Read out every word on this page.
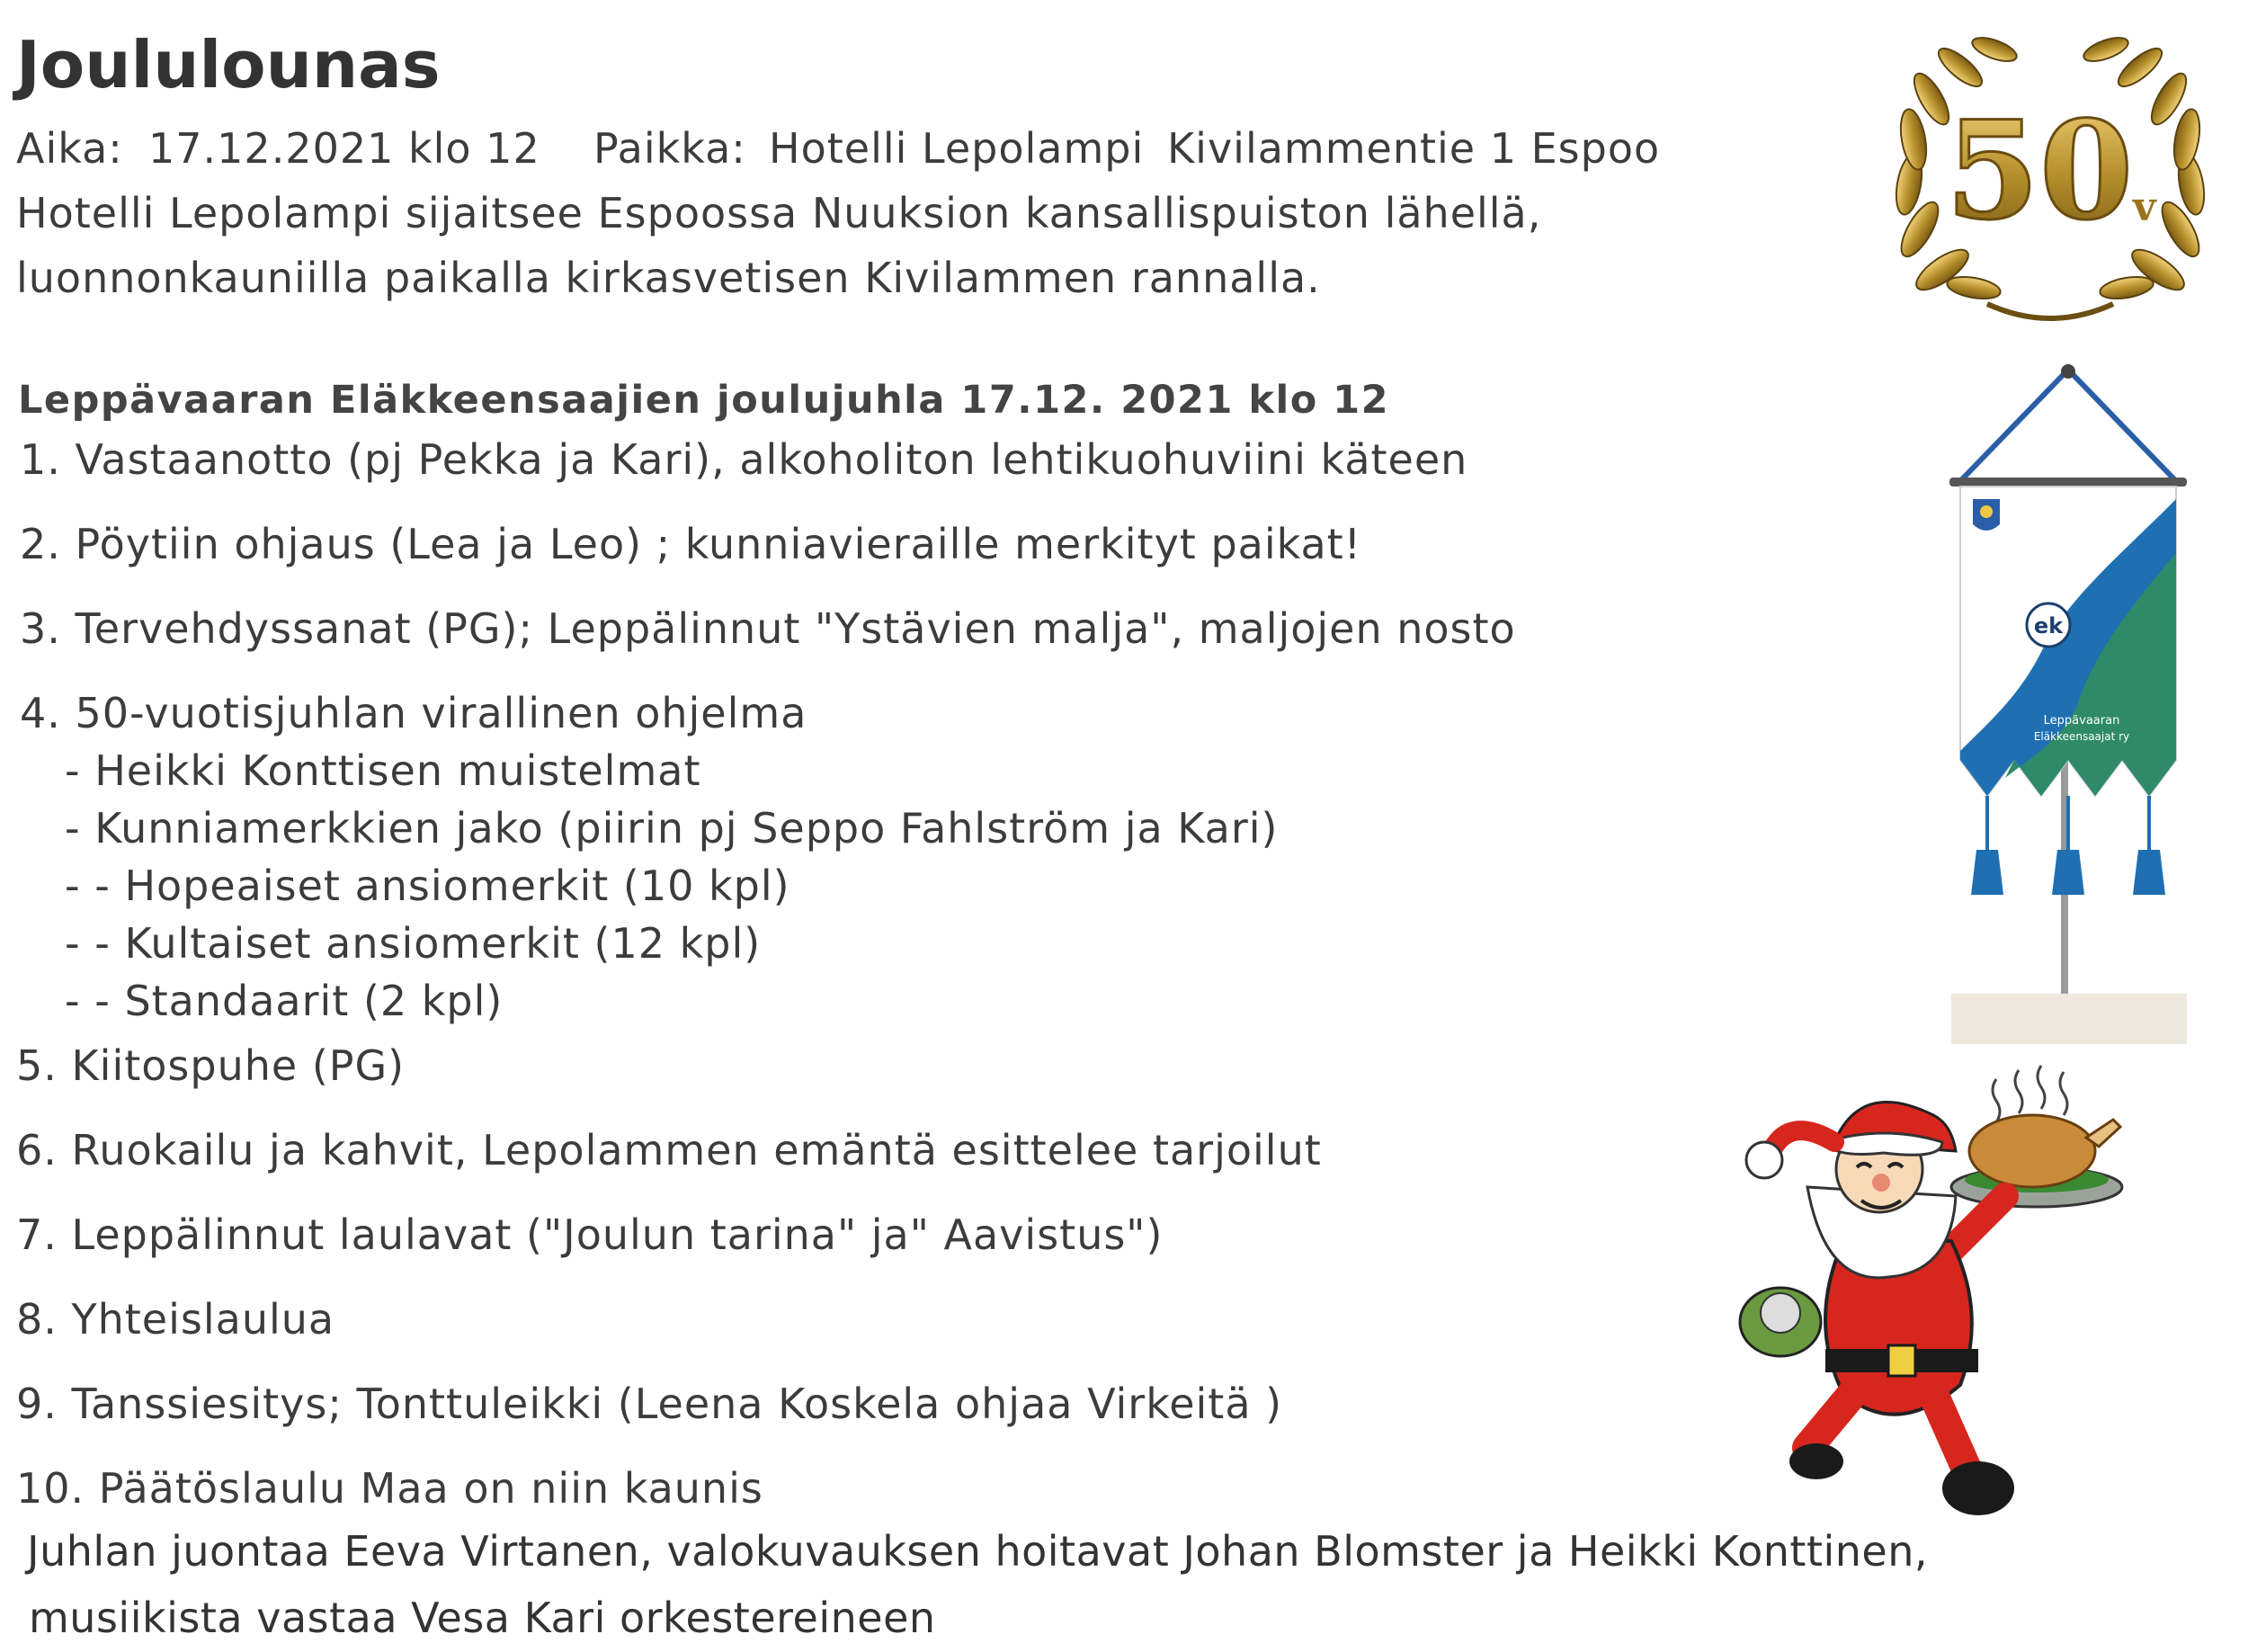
Joululounas
Aika: 17.12.2021 klo 12 Paikka: Hotelli Lepolampi Kivilammentie 1 Espoo
Hotelli Lepolampi sijaitsee Espoossa Nuuksion kansallispuiston lähellä,
luonnonkauniilla paikalla kirkasvetisen Kivilammen rannalla.
Leppävaaran Eläkkeensaajien joulujuhla 17.12. 2021 klo 12
1. Vastaanotto (pj Pekka ja Kari), alkoholiton lehtikuohuviini käteen
2. Pöytiin ohjaus (Lea ja Leo) ; kunniavieraille merkityt paikat!
3. Tervehdyssanat (PG); Leppälinnut "Ystävien malja", maljojen nosto
4. 50-vuotisjuhlan virallinen ohjelma
- Heikki Konttisen muistelmat
- Kunniamerkkien jako (piirin pj Seppo Fahlström ja Kari)
- - Hopeaiset ansiomerkit (10 kpl)
- - Kultaiset ansiomerkit (12 kpl)
- - Standaarit (2 kpl)
5. Kiitospuhe (PG)
6. Ruokailu ja kahvit, Lepolammen emäntä esittelee tarjoilut
7. Leppälinnut laulavat ("Joulun tarina" ja" Aavistus")
8. Yhteislaulua
9. Tanssiesitys; Tonttuleikki (Leena Koskela ohjaa Virkeitä )
10. Päätöslaulu Maa on niin kaunis
Juhlan juontaa Eeva Virtanen, valokuvauksen hoitavat Johan Blomster ja Heikki Konttinen,
musiikista vastaa Vesa Kari orkestereineen
50 v
ek
Leppävaaran
Eläkkeensaajat ry
